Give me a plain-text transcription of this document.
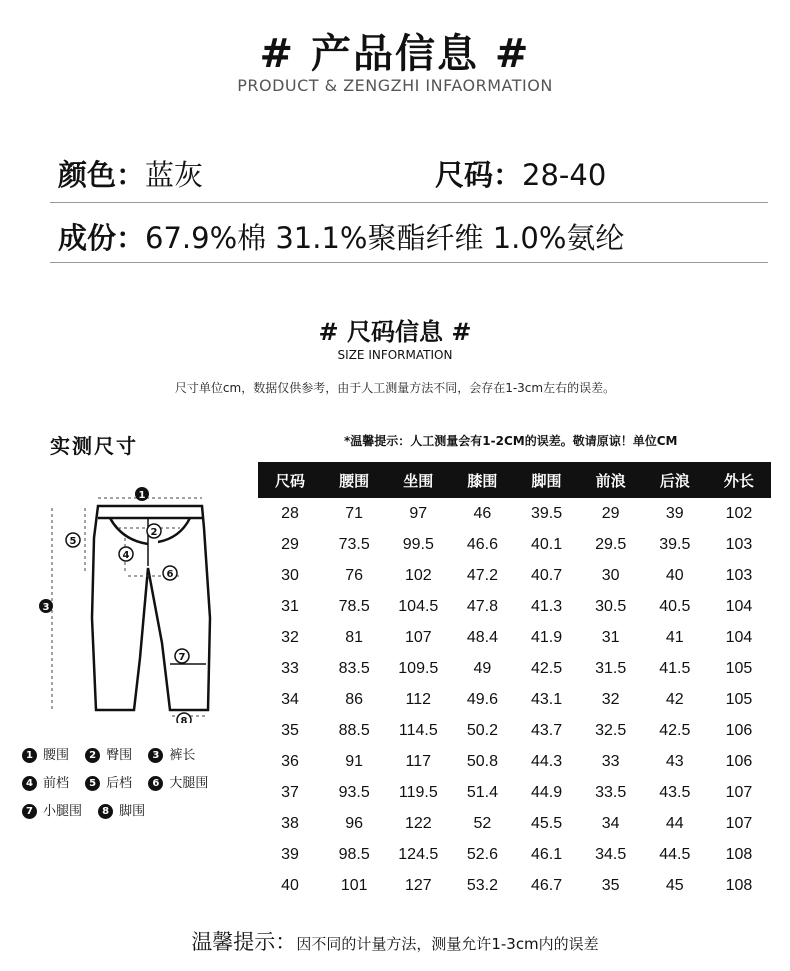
# 产品信息 #
PRODUCT & ZENGZHI INFAORMATION
颜色：蓝灰	尺码：28-40
成份：67.9%棉 31.1%聚酯纤维 1.0%氨纶
# 尺码信息 #
SIZE INFORMATION
尺寸单位cm，数据仅供参考，由于人工测量方法不同，会存在1-3cm左右的误差。
实测尺寸	*温馨提示：人工测量会有1-2CM的误差。敬请原谅！单位CM
1
2
3
4
5
6
7
8
1 腰围 2 臀围 3 裤长
4 前档 5 后档 6 大腿围
7 小腿围 8 脚围
尺码	腰围	坐围	膝围	脚围	前浪	后浪	外长
28	71	97	46	39.5	29	39	102
29	73.5	99.5	46.6	40.1	29.5	39.5	103
30	76	102	47.2	40.7	30	40	103
31	78.5	104.5	47.8	41.3	30.5	40.5	104
32	81	107	48.4	41.9	31	41	104
33	83.5	109.5	49	42.5	31.5	41.5	105
34	86	112	49.6	43.1	32	42	105
35	88.5	114.5	50.2	43.7	32.5	42.5	106
36	91	117	50.8	44.3	33	43	106
37	93.5	119.5	51.4	44.9	33.5	43.5	107
38	96	122	52	45.5	34	44	107
39	98.5	124.5	52.6	46.1	34.5	44.5	108
40	101	127	53.2	46.7	35	45	108
温馨提示：因不同的计量方法，测量允许1-3cm内的误差
